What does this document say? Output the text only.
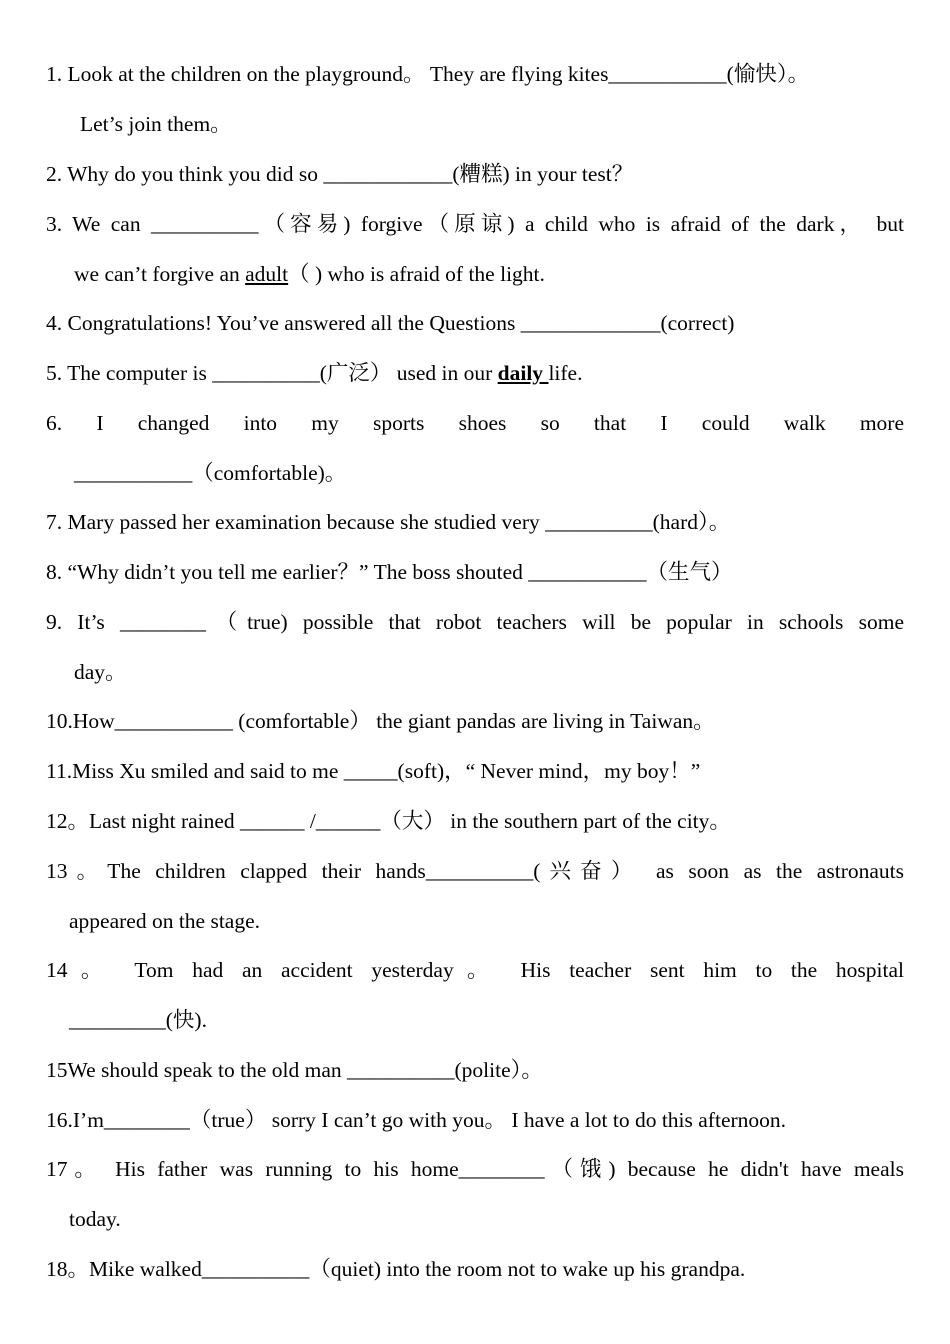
1. Look at the children on the playground。 They are flying kites___________(愉快）。
Let’s join them。
2. Why do you think you did so ____________(糟糕) in your test？
3. We can __________（容易) forgive（原谅) a child who is afraid of the dark， but
we can’t forgive an adult（ ) who is afraid of the light.
4. Congratulations! You’ve answered all the Questions _____________(correct)
5. The computer is __________(广泛） used in our daily life.
6. I changed into my sports shoes so that I could walk more
___________（comfortable)。
7. Mary passed her examination because she studied very __________(hard）。
8. “Why didn’t you tell me earlier？” The boss shouted ___________（生气）
9. It’s ________（true) possible that robot teachers will be popular in schools some
day。
10.How___________ (comfortable） the giant pandas are living in Taiwan。
11.Miss Xu smiled and said to me _____(soft)，“ Never mind，my boy！”
12。Last night rained ______ /______（大） in the southern part of the city。
13。The children clapped their hands__________(兴奋） as soon as the astronauts
appeared on the stage.
14。 Tom had an accident yesterday。 His teacher sent him to the hospital
_________(快).
15We should speak to the old man __________(polite）。
16.I’m________（true） sorry I can’t go with you。 I have a lot to do this afternoon.
17。 His father was running to his home________（饿) because he didn't have meals
today.
18。Mike walked__________（quiet) into the room not to wake up his grandpa.
